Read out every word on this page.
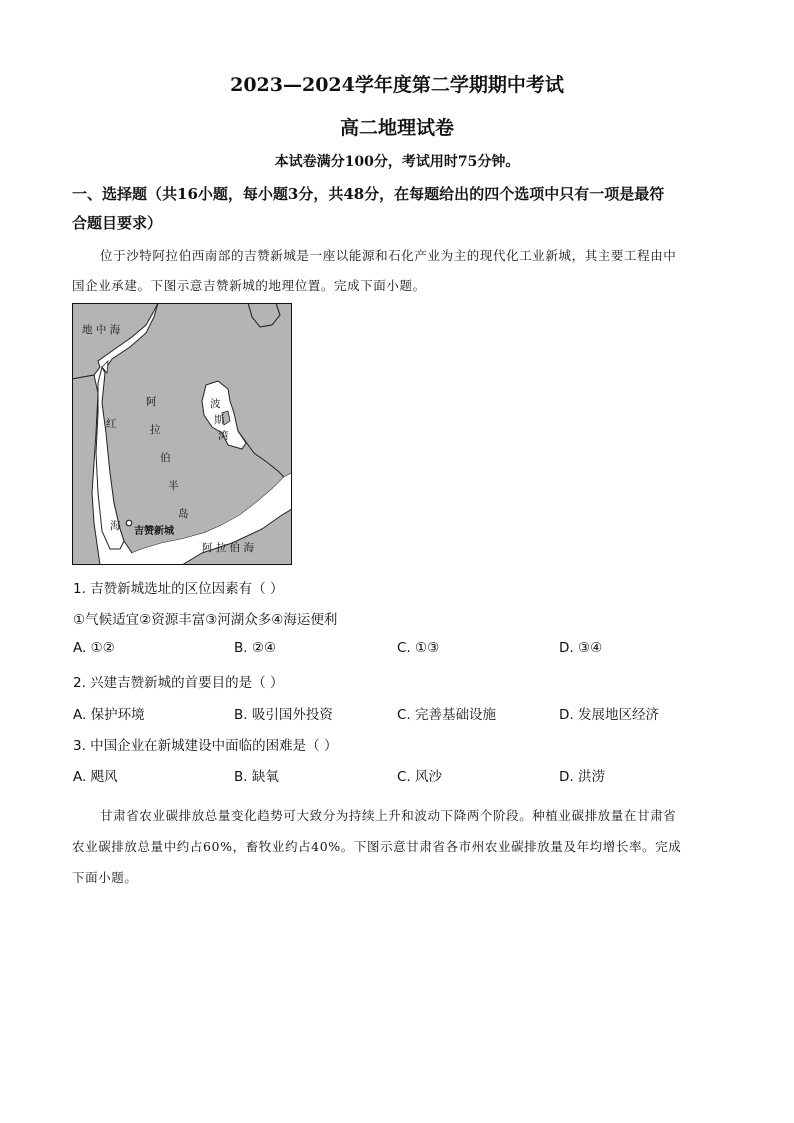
2023—2024学年度第二学期期中考试
高二地理试卷
本试卷满分100分，考试用时75分钟。
一、选择题（共16小题，每小题3分，共48分，在每题给出的四个选项中只有一项是最符
合题目要求）
位于沙特阿拉伯西南部的吉赞新城是一座以能源和石化产业为主的现代化工业新城，其主要工程由中
国企业承建。下图示意吉赞新城的地理位置。完成下面小题。
地 中 海
阿
拉
伯
半
岛
红
海
波
斯
湾
阿 拉 伯 海
吉赞新城
1. 吉赞新城选址的区位因素有（ ）
①气候适宜②资源丰富③河湖众多④海运便利
A. ①②	B. ②④	C. ①③	D. ③④
2. 兴建吉赞新城的首要目的是（ ）
A. 保护环境	B. 吸引国外投资	C. 完善基础设施	D. 发展地区经济
3. 中国企业在新城建设中面临的困难是（ ）
A. 飓风	B. 缺氧	C. 风沙	D. 洪涝
甘肃省农业碳排放总量变化趋势可大致分为持续上升和波动下降两个阶段。种植业碳排放量在甘肃省
农业碳排放总量中约占60%，畜牧业约占40%。下图示意甘肃省各市州农业碳排放量及年均增长率。完成
下面小题。
